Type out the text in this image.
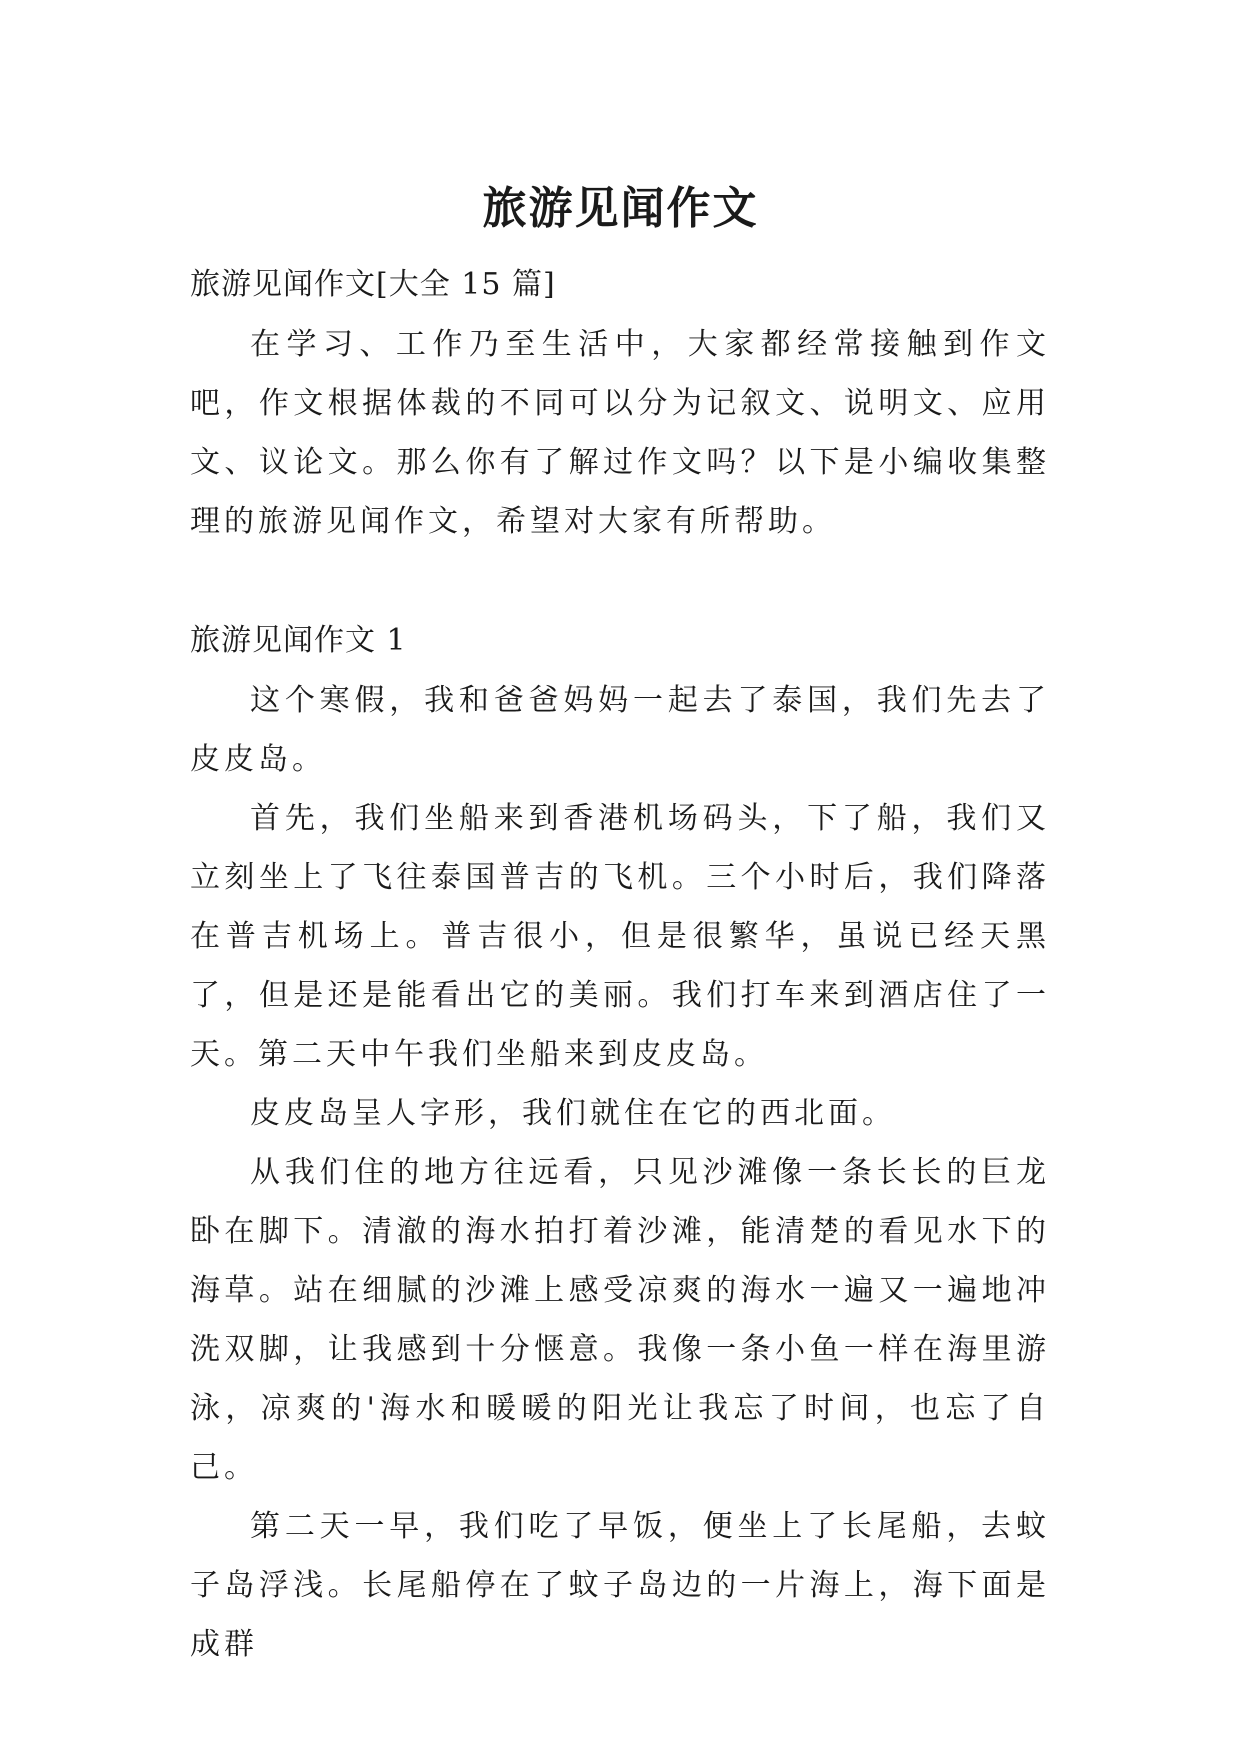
旅游见闻作文

旅游见闻作文[大全 15 篇]

在学习、工作乃至生活中，大家都经常接触到作文吧，作文根据体裁的不同可以分为记叙文、说明文、应用文、议论文。那么你有了解过作文吗？以下是小编收集整理的旅游见闻作文，希望对大家有所帮助。

旅游见闻作文 1

这个寒假，我和爸爸妈妈一起去了泰国，我们先去了皮皮岛。

首先，我们坐船来到香港机场码头，下了船，我们又立刻坐上了飞往泰国普吉的飞机。三个小时后，我们降落在普吉机场上。普吉很小，但是很繁华，虽说已经天黑了，但是还是能看出它的美丽。我们打车来到酒店住了一天。第二天中午我们坐船来到皮皮岛。

皮皮岛呈人字形，我们就住在它的西北面。

从我们住的地方往远看，只见沙滩像一条长长的巨龙卧在脚下。清澈的海水拍打着沙滩，能清楚的看见水下的海草。站在细腻的沙滩上感受凉爽的海水一遍又一遍地冲洗双脚，让我感到十分惬意。我像一条小鱼一样在海里游泳，凉爽的'海水和暖暖的阳光让我忘了时间，也忘了自己。

第二天一早，我们吃了早饭，便坐上了长尾船，去蚊子岛浮浅。长尾船停在了蚊子岛边的一片海上，海下面是成群
